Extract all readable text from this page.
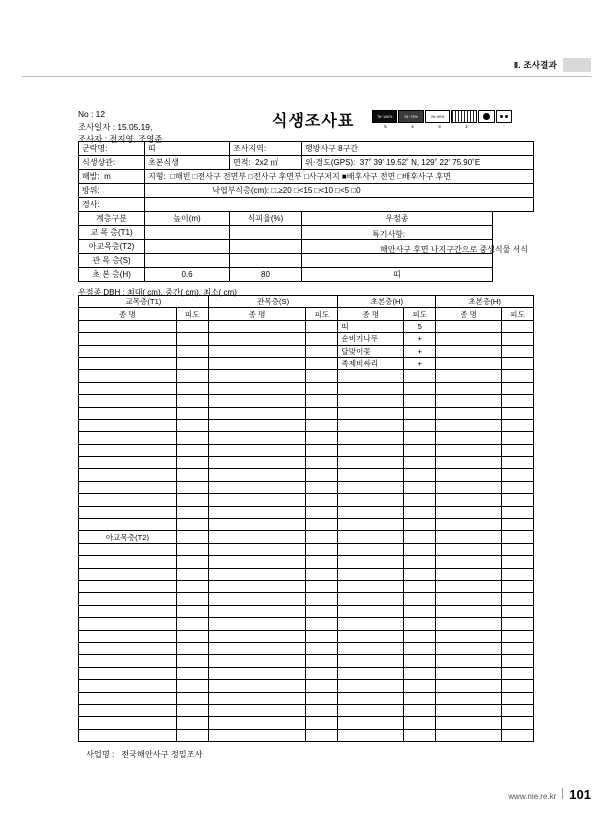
Ⅱ. 조사결과
No : 12
조사일자 : 15.05.19,
조사자 : 전지영, 조영준
식생조사표	76~100%	51~75%	26~50%
5	4	3	2
군락명:	띠	조사지역:	행방사구 8구간	
식생상관:	초본식생	면적: 2x2 ㎡	위·경도(GPS): 37˚ 39′ 19.52˚ N, 129˚ 22′ 75.90˚E	
해발: m	지형: □해빈 □전사구 전면부 □전사구 후면부 □사구저지 ■배후사구 전면 □배후사구 후면			
방위:	낙엽부식층(cm): □.≥20 □<15 □<10 □<5 □0			
경사:				
계층구분	높이(m)	식피율(%)	우점종	
교 목 층(T1)				
아교목층(T2)				
관 목 층(S)				
초 본 층(H)	0.6	80	띠	
특기사항:
해안사구 후면 나지구간으로 중생식물 서식
우점종 DBH : 최대( cm), 중간( cm), 최소( cm)
교목층(T1)		관목층(S)		초본층(H)		초본층(H)	
종 명	피도	종 명	피도	종 명	피도	종 명	피도
				띠	5		
				순비기나무	+		
				달맞이꽃	+		
				족제비싸리	+		

아교목층(T2)							

사업명 : 전국해안사구 정밀조사
www.nie.re.kr 101
